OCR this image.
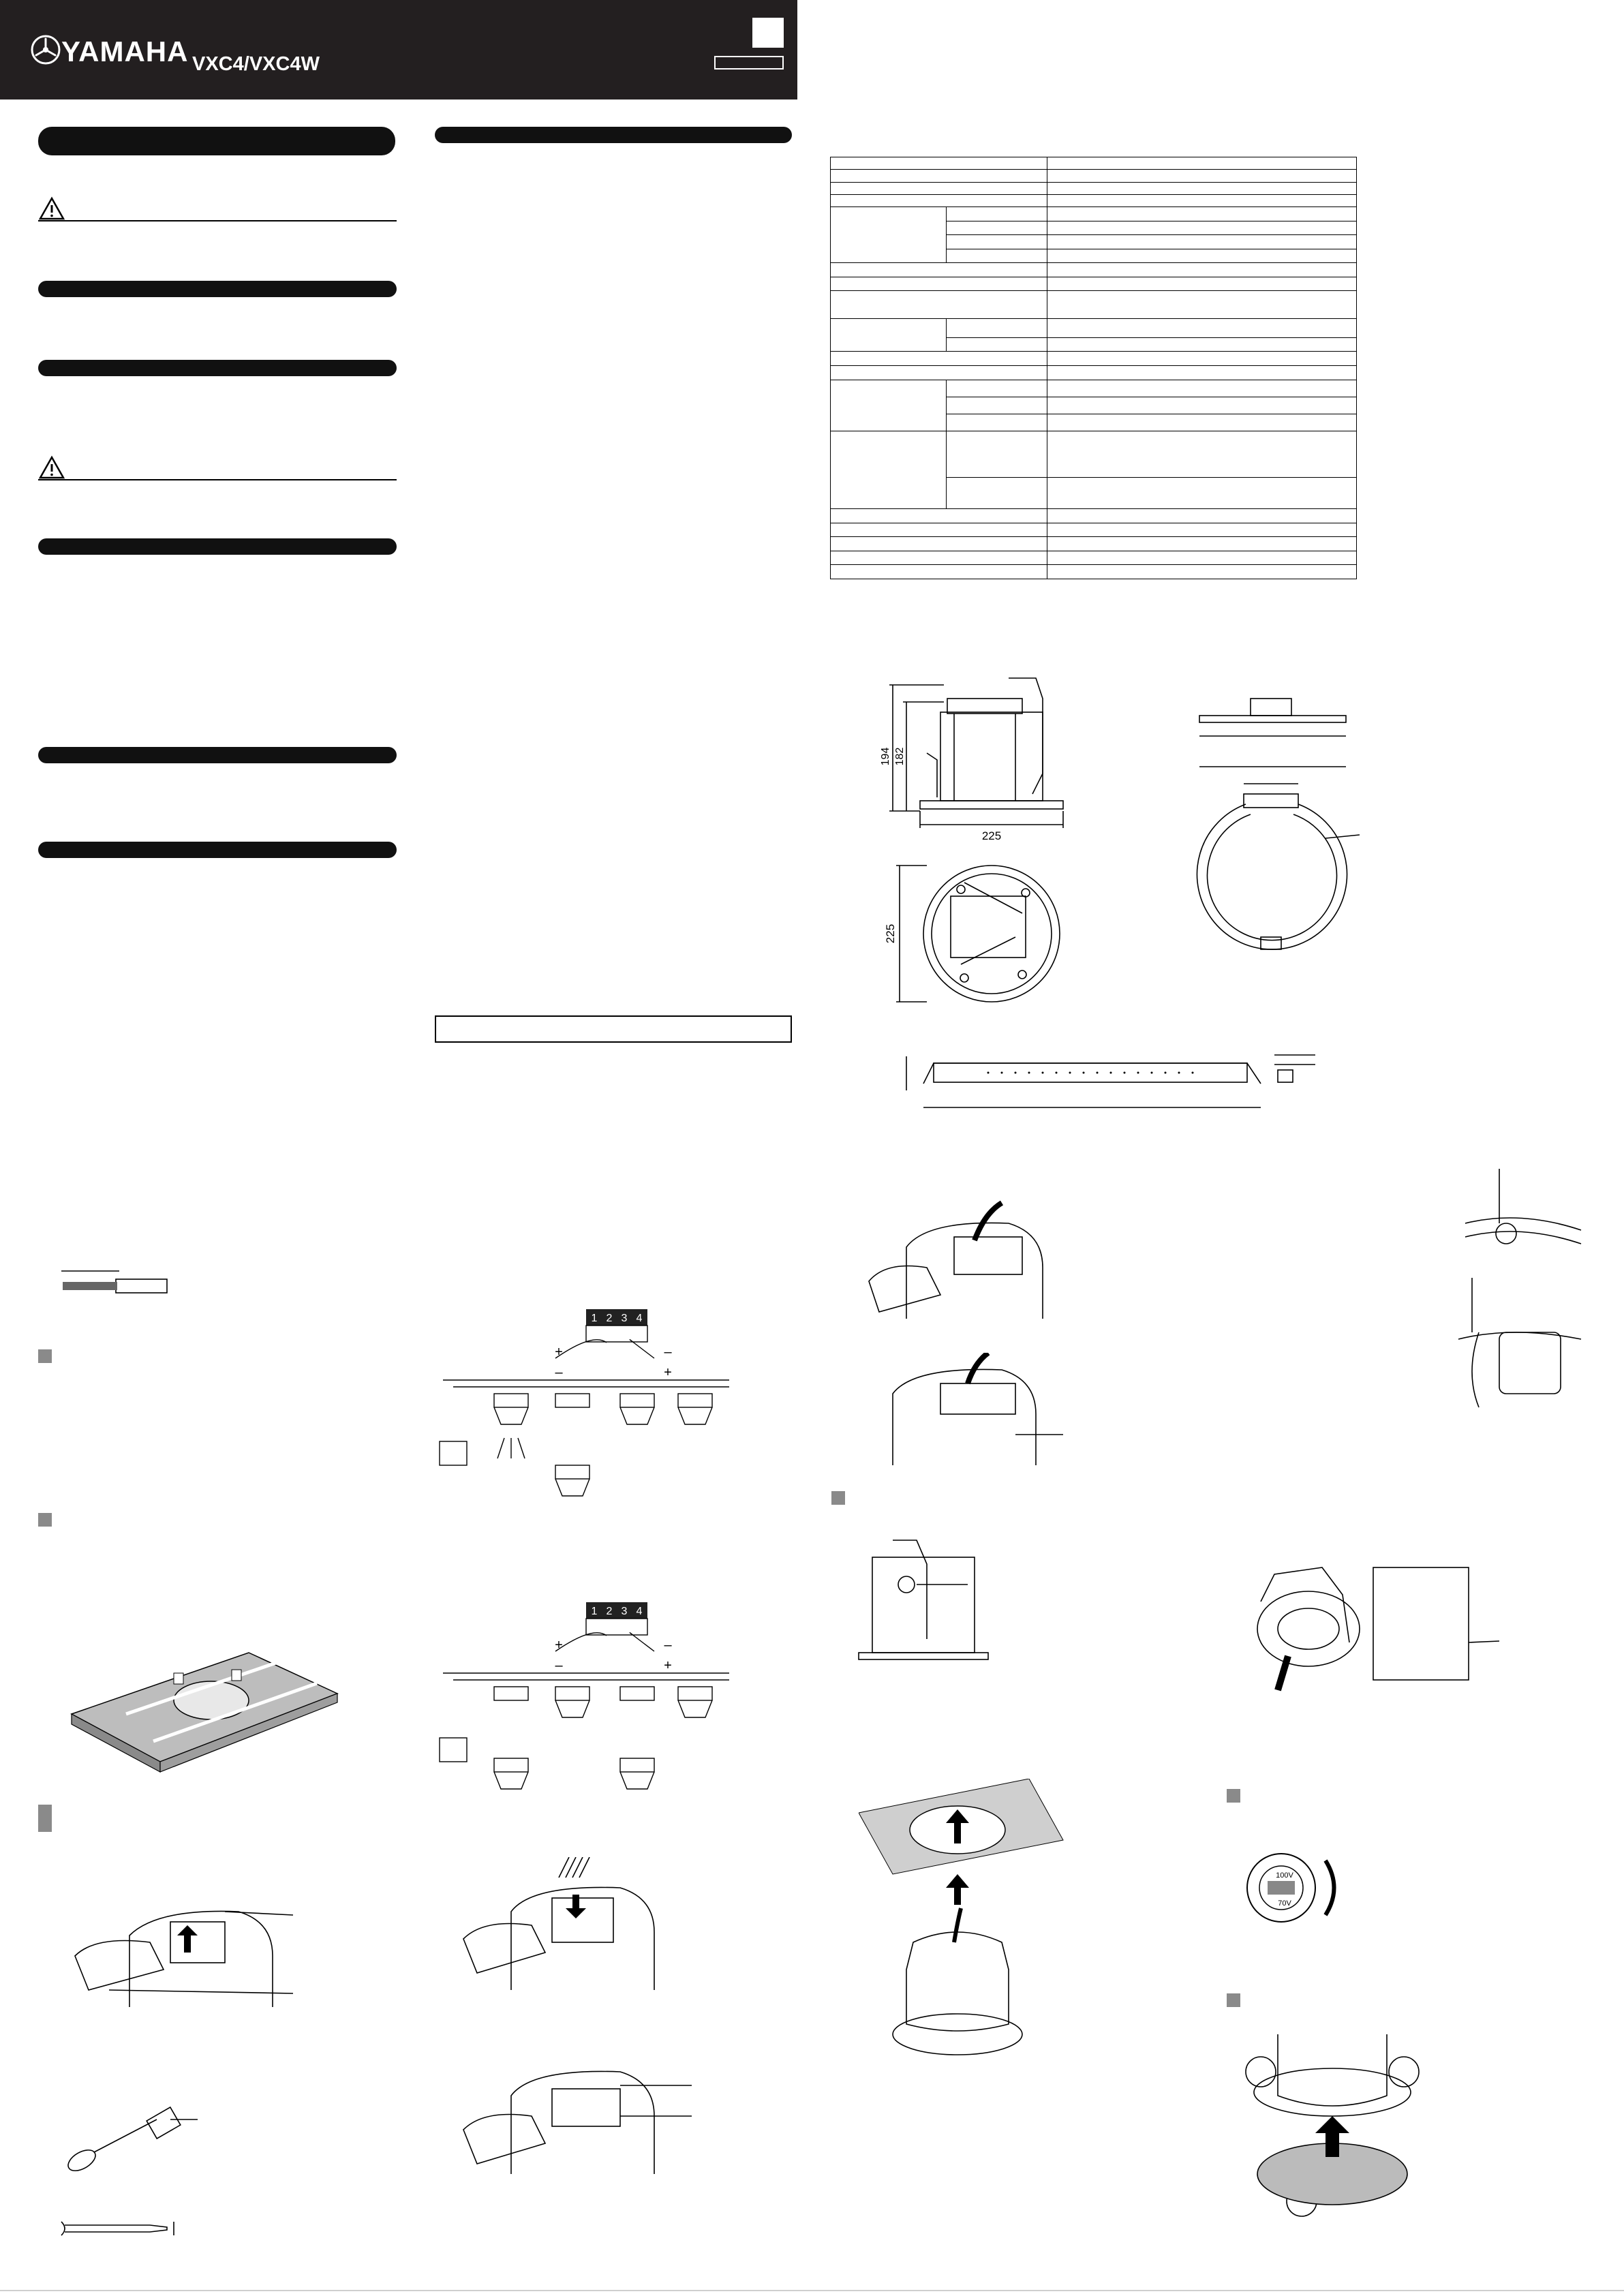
YAMAHA VXC4/VXC4W

194 182
225
225
1 2 3 4
+	–
–	+
1 2 3 4
+	–
–	+
100V
70V
